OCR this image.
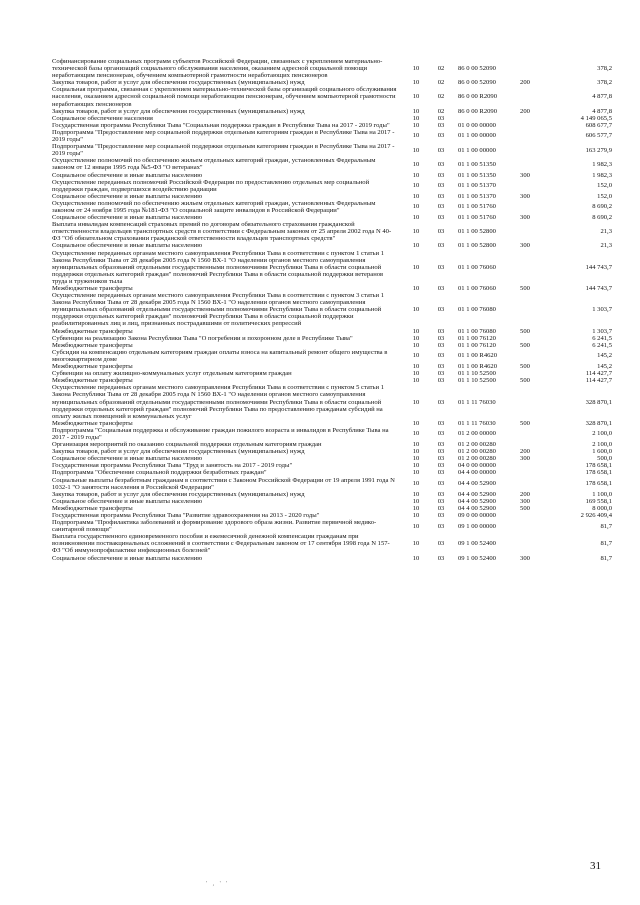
Софинансирование социальных программ субъектов Российской Федерации, связанных с укреплением материально-технической базы организаций социального обслуживания населения, оказанием адресной социальной помощи неработающим пенсионерам, обучением компьютерной грамотности неработающих пенсионеров	10	02	86 0 00 52090		378,2
Закупка товаров, работ и услуг для обеспечения государственных (муниципальных) нужд	10	02	86 0 00 52090	200	378,2
Социальная программа, связанная с укреплением материально-технической базы организаций социального обслуживания населения, оказанием адресной социальной помощи неработающим пенсионерам, обучением компьютерной грамотности неработающих пенсионеров	10	02	86 0 00 R2090		4 877,8
Закупка товаров, работ и услуг для обеспечения государственных (муниципальных) нужд	10	02	86 0 00 R2090	200	4 877,8
Социальное обеспечение населения	10	03			4 149 065,5
Государственная программа Республики Тыва "Социальная поддержка граждан в Республике Тыва на 2017 - 2019 годы"	10	03	01 0 00 00000		608 677,7
Подпрограмма "Предоставление мер социальной поддержки отдельным категориям граждан в Республике Тыва на 2017 - 2019 годы"	10	03	01 1 00 00000		606 577,7
Подпрограмма "Предоставление мер социальной поддержки отдельным категориям граждан в Республике Тыва на 2017 - 2019 годы"	10	03	01 1 00 00000		163 279,9
Осуществление полномочий по обеспечению жильем отдельных категорий граждан, установленных Федеральным законом от 12 января 1995 года №5-ФЗ "О ветеранах"	10	03	01 1 00 51350		1 982,3
Социальное обеспечение и иные выплаты населению	10	03	01 1 00 51350	300	1 982,3
Осуществление переданных полномочий Российской Федерации по предоставлению отдельных мер социальной поддержки граждан, подвергшихся воздействию радиации	10	03	01 1 00 51370		152,0
Социальное обеспечение и иные выплаты населению	10	03	01 1 00 51370	300	152,0
Осуществление полномочий по обеспечению жильем отдельных категорий граждан, установленных Федеральным законом от 24 ноября 1995 года №181-ФЗ "О социальной защите инвалидов в Российской Федерации"	10	03	01 1 00 51760		8 690,2
Социальное обеспечение и иные выплаты населению	10	03	01 1 00 51760	300	8 690,2
Выплата инвалидам компенсаций страховых премий по договорам обязательного страхования гражданской ответственности владельцев транспортных средств в соответствии с Федеральным законом от 25 апреля 2002 года N 40-ФЗ "Об обязательном страховании гражданской ответственности владельцев транспортных средств"	10	03	01 1 00 52800		21,3
Социальное обеспечение и иные выплаты населению	10	03	01 1 00 52800	300	21,3
Осуществление переданных органам местного самоуправления Республики Тыва в соответствии с пунктом 1 статьи 1 Закона Республики Тыва от 28 декабря 2005 года N 1560 ВХ-1 "О наделении органов местного самоуправления муниципальных образований отдельными государственными полномочиями Республики Тыва в области социальной поддержки отдельных категорий граждан" полномочий Республики Тыва в области социальной поддержки ветеранов труда и тружеников тыла	10	03	01 1 00 76060		144 743,7
Межбюджетные трансферты	10	03	01 1 00 76060	500	144 743,7
Осуществление переданных органам местного самоуправления Республики Тыва в соответствии с пунктом 3 статьи 1 Закона Республики Тыва от 28 декабря 2005 года N 1560 ВХ-1 "О наделении органов местного самоуправления муниципальных образований отдельными государственными полномочиями Республики Тыва в области социальной поддержки отдельных категорий граждан" полномочий Республики Тыва в области социальной поддержки реабилитированных лиц и лиц, признанных пострадавшими от политических репрессий	10	03	01 1 00 76080		1 303,7
Межбюджетные трансферты	10	03	01 1 00 76080	500	1 303,7
Субвенции на реализацию Закона Республики Тыва "О погребении и похоронном деле в Республике Тыва"	10	03	01 1 00 76120		6 241,5
Межбюджетные трансферты	10	03	01 1 00 76120	500	6 241,5
Субсидия на компенсацию отдельным категориям граждан оплаты взноса на капитальный ремонт общего имущества в многоквартирном доме	10	03	01 1 00 R4620		145,2
Межбюджетные трансферты	10	03	01 1 00 R4620	500	145,2
Субвенции на оплату жилищно-коммунальных услуг отдельным категориям граждан	10	03	01 1 10 52500		114 427,7
Межбюджетные трансферты	10	03	01 1 10 52500	500	114 427,7
Осуществление переданных органам местного самоуправления Республики Тыва в соответствии с пунктом 5 статьи 1 Закона Республики Тыва от 28 декабря 2005 года N 1560 ВХ-1 "О наделении органов местного самоуправления муниципальных образований отдельными государственными полномочиями Республики Тыва в области социальной поддержки отдельных категорий граждан" полномочий Республики Тыва по предоставлению гражданам субсидий на оплату жилых помещений и коммунальных услуг	10	03	01 1 11 76030		328 870,1
Межбюджетные трансферты	10	03	01 1 11 76030	500	328 870,1
Подпрограмма "Социальная поддержка и обслуживание граждан пожилого возраста и инвалидов в Республике Тыва на 2017 - 2019 годы"	10	03	01 2 00 00000		2 100,0
Организация мероприятий по оказанию социальной поддержки отдельным категориям граждан	10	03	01 2 00 00280		2 100,0
Закупка товаров, работ и услуг для обеспечения государственных (муниципальных) нужд	10	03	01 2 00 00280	200	1 600,0
Социальное обеспечение и иные выплаты населению	10	03	01 2 00 00280	300	500,0
Государственная программа Республики Тыва "Труд и занятость на 2017 - 2019 годы"	10	03	04 0 00 00000		178 658,1
Подпрограмма "Обеспечение социальной поддержки безработных граждан"	10	03	04 4 00 00000		178 658,1
Социальные выплаты безработным гражданам в соответствии с Законом Российской Федерации от 19 апреля 1991 года N 1032-1 "О занятости населения в Российской Федерации"	10	03	04 4 00 52900		178 658,1
Закупка товаров, работ и услуг для обеспечения государственных (муниципальных) нужд	10	03	04 4 00 52900	200	1 100,0
Социальное обеспечение и иные выплаты населению	10	03	04 4 00 52900	300	169 558,1
Межбюджетные трансферты	10	03	04 4 00 52900	500	8 000,0
Государственная программа Республики Тыва "Развитие здравоохранения на 2013 - 2020 годы"	10	03	09 0 00 00000		2 926 409,4
Подпрограмма "Профилактика заболеваний и формирование здорового образа жизни. Развитие первичной медико-санитарной помощи"	10	03	09 1 00 00000		81,7
Выплата государственного единовременного пособия и ежемесячной денежной компенсации гражданам при возникновении поствакцинальных осложнений в соответствии с Федеральным законом от 17 сентября 1998 года N 157-ФЗ "Об иммунопрофилактике инфекционных болезней"	10	03	09 1 00 52400		81,7
Социальное обеспечение и иные выплаты населению	10	03	09 1 00 52400	300	81,7
31
' , ' '
